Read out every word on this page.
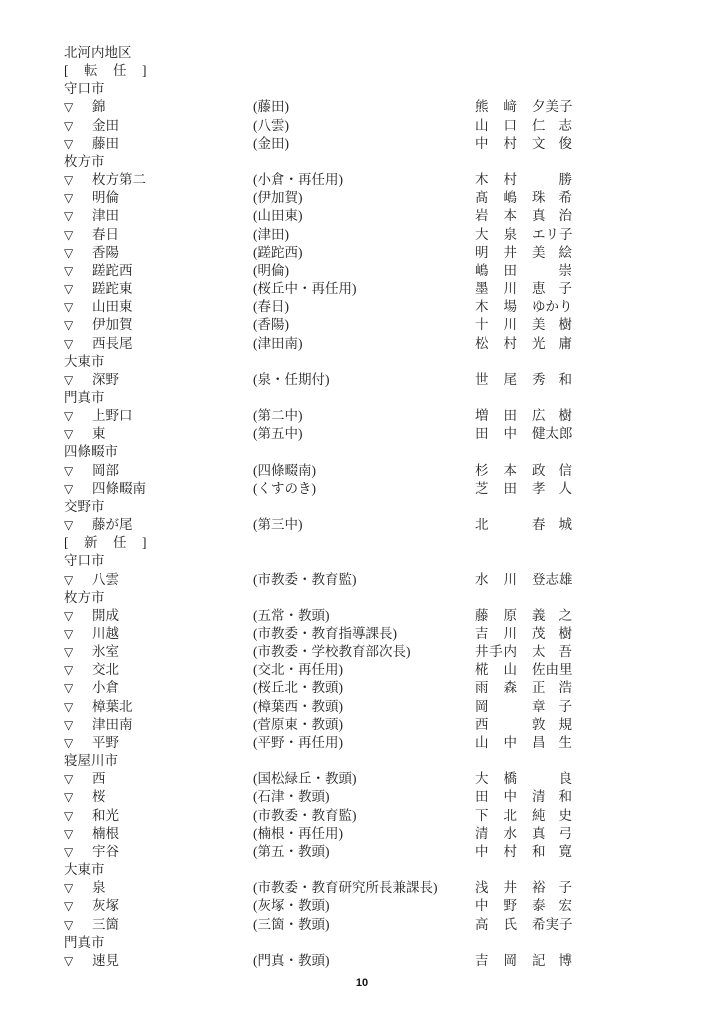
北河内地区
[　転　任　]
守口市
▽ 錦	(藤田)	熊 﨑 夕 美 子
▽ 金田	(八雲)	山 口 仁 志
▽ 藤田	(金田)	中 村 文 俊
枚方市
▽ 枚方第二	(小倉・再任用)	木 村	勝
▽ 明倫	(伊加賀)	髙 嶋 珠 希
▽ 津田	(山田東)	岩 本 真 治
▽ 春日	(津田)	大 泉 エ リ 子
▽ 香陽	(蹉跎西)	明 井 美 絵
▽ 蹉跎西	(明倫)	嶋 田	崇
▽ 蹉跎東	(桜丘中・再任用)	墨 川 恵 子
▽ 山田東	(春日)	木 場 ゆ か り
▽ 伊加賀	(香陽)	十 川 美 樹
▽ 西長尾	(津田南)	松 村 光 庸
大東市
▽ 深野	(泉・任期付)	世 尾 秀 和
門真市
▽ 上野口	(第二中)	増 田 広 樹
▽ 東	(第五中)	田 中 健 太 郎
四條畷市
▽ 岡部	(四條畷南)	杉 本 政 信
▽ 四條畷南	(くすのき)	芝 田 孝 人
交野市
▽ 藤が尾	(第三中)	北	春 城
[　新　任　]
守口市
▽ 八雲	(市教委・教育監)	水 川 登 志 雄
枚方市
▽ 開成	(五常・教頭)	藤 原 義 之
▽ 川越	(市教委・教育指導課長)	吉 川 茂 樹
▽ 氷室	(市教委・学校教育部次長)	井 手 内 太 吾
▽ 交北	(交北・再任用)	椛 山 佐 由 里
▽ 小倉	(桜丘北・教頭)	雨 森 正 浩
▽ 樟葉北	(樟葉西・教頭)	岡	章 子
▽ 津田南	(菅原東・教頭)	西	敦 規
▽ 平野	(平野・再任用)	山 中 昌 生
寝屋川市
▽ 西	(国松緑丘・教頭)	大 橋	良
▽ 桜	(石津・教頭)	田 中 清 和
▽ 和光	(市教委・教育監)	下 北 純 史
▽ 楠根	(楠根・再任用)	清 水 真 弓
▽ 宇谷	(第五・教頭)	中 村 和 寛
大東市
▽ 泉	(市教委・教育研究所長兼課長)	浅 井 裕 子
▽ 灰塚	(灰塚・教頭)	中 野 泰 宏
▽ 三箇	(三箇・教頭)	高 氏 希 実 子
門真市
▽ 速見	(門真・教頭)	吉 岡 記 博
10
